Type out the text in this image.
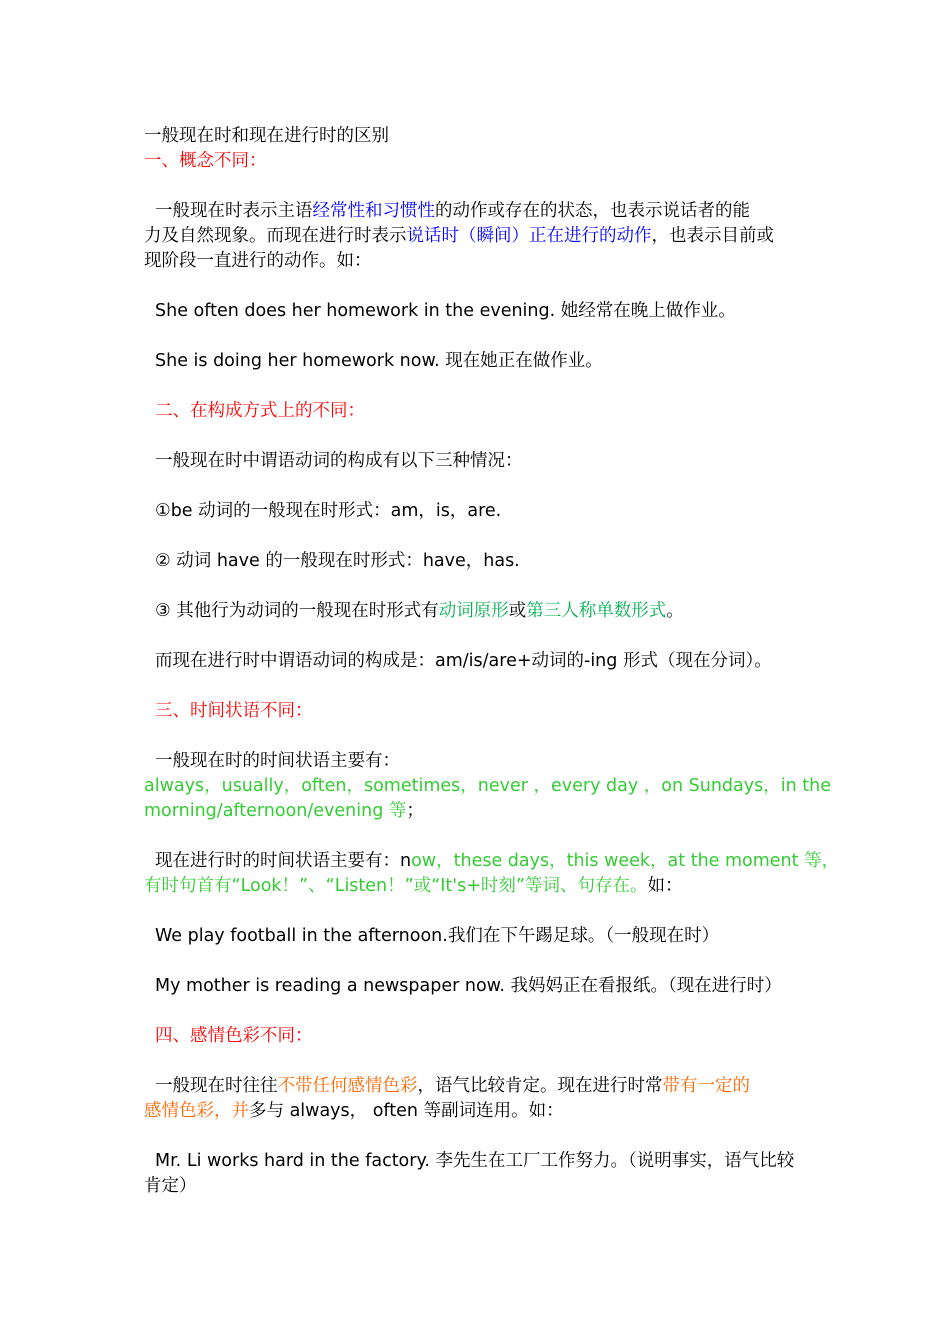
一般现在时和现在进行时的区别
一、概念不同：
一般现在时表示主语经常性和习惯性的动作或存在的状态，也表示说话者的能
力及自然现象。而现在进行时表示说话时（瞬间）正在进行的动作，也表示目前或
现阶段一直进行的动作。如：
She often does her homework in the evening. 她经常在晚上做作业。
She is doing her homework now. 现在她正在做作业。
二、在构成方式上的不同：
一般现在时中谓语动词的构成有以下三种情况：
①be 动词的一般现在时形式：am，is，are.
② 动词 have 的一般现在时形式：have，has.
③ 其他行为动词的一般现在时形式有动词原形或第三人称单数形式。
而现在进行时中谓语动词的构成是：am/is/are+动词的-ing 形式（现在分词）。
三、时间状语不同：
一般现在时的时间状语主要有：
always，usually，often，sometimes，never ，every day ，on Sundays，in the
morning/afternoon/evening 等；
现在进行时的时间状语主要有：now，these days，this week，at the moment 等，
有时句首有“Look！”、“Listen！”或“It's+时刻”等词、句存在。如：
We play football in the afternoon.我们在下午踢足球。（一般现在时）
My mother is reading a newspaper now. 我妈妈正在看报纸。（现在进行时）
四、感情色彩不同：
一般现在时往往不带任何感情色彩，语气比较肯定。现在进行时常带有一定的
感情色彩，并多与 always， often 等副词连用。如：
Mr. Li works hard in the factory. 李先生在工厂工作努力。（说明事实，语气比较
肯定）
